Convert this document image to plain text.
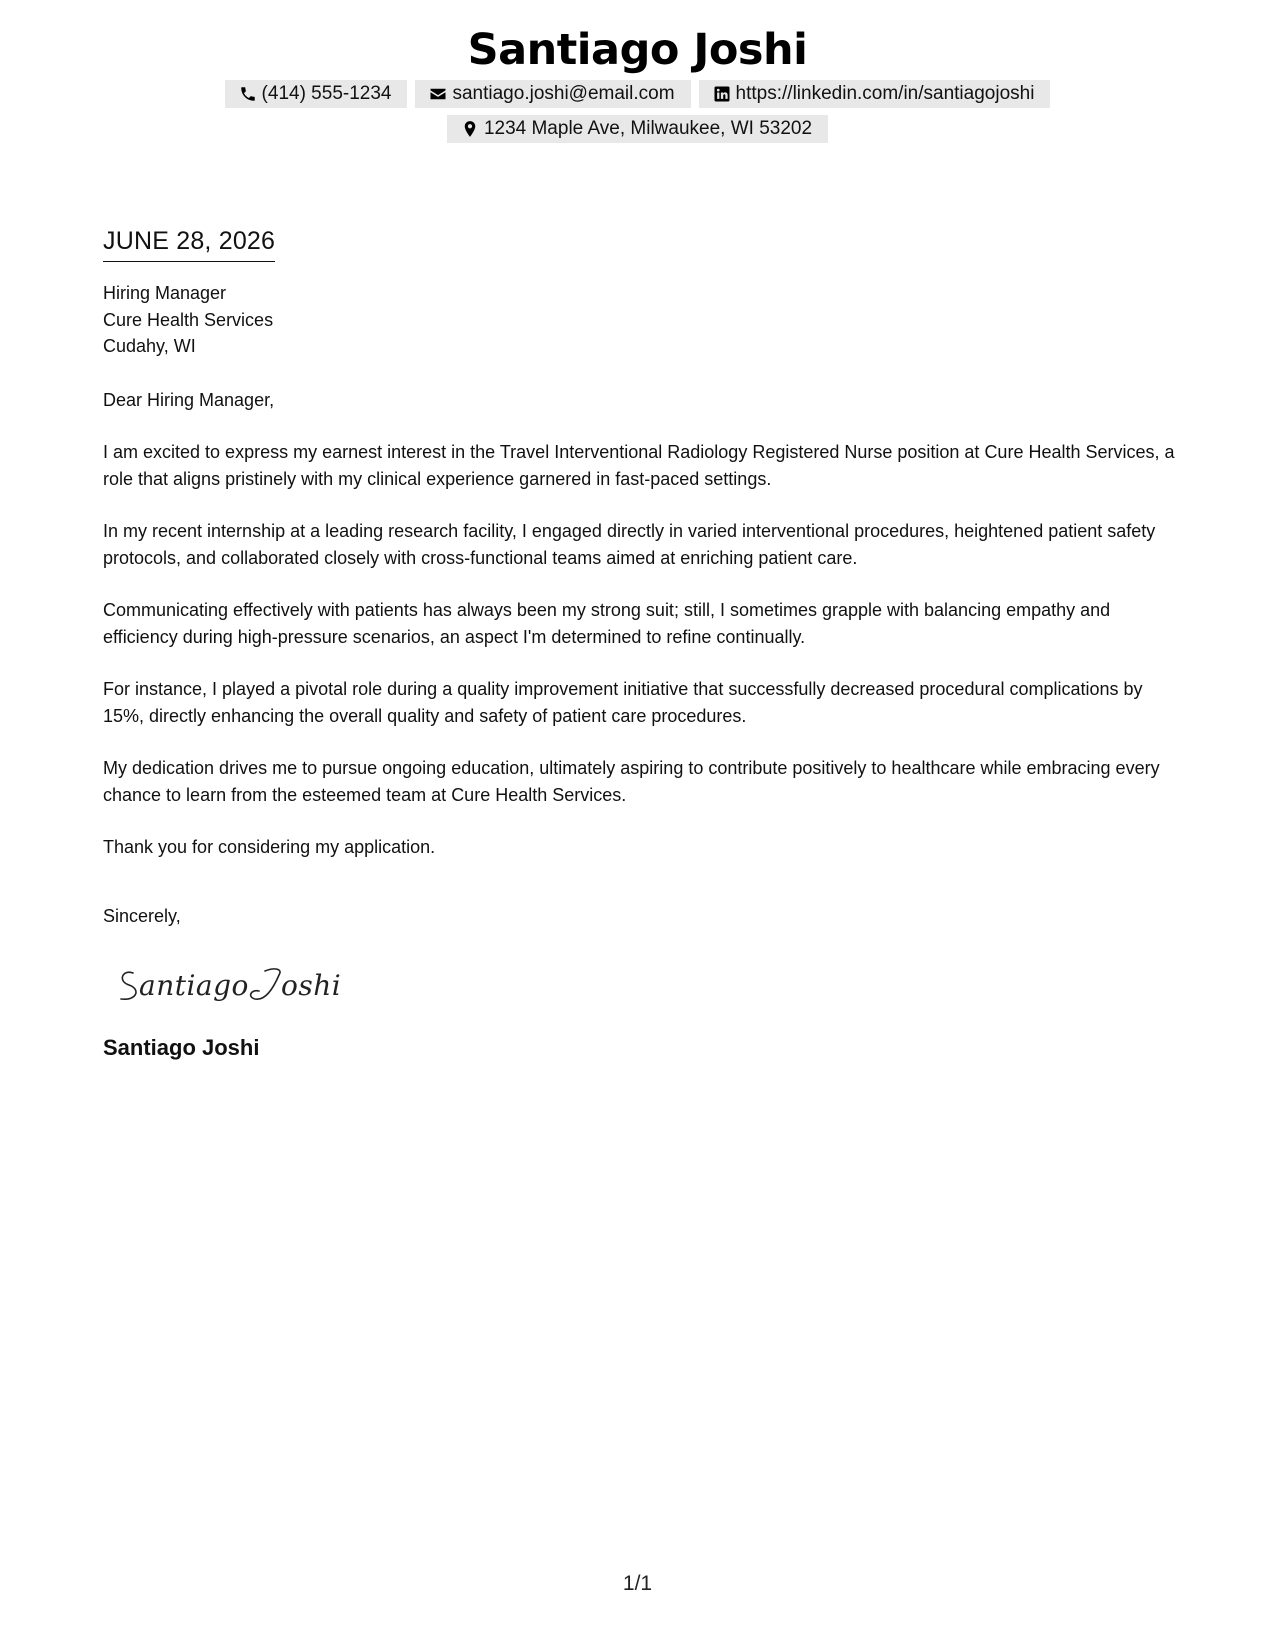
Santiago Joshi
(414) 555-1234	santiago.joshi@email.com	https://linkedin.com/in/santiagojoshi
1234 Maple Ave, Milwaukee, WI 53202
JUNE 28, 2026
Hiring Manager
Cure Health Services
Cudahy, WI
Dear Hiring Manager,
I am excited to express my earnest interest in the Travel Interventional Radiology Registered Nurse position at Cure Health Services, a role that aligns pristinely with my clinical experience garnered in fast-paced settings.
In my recent internship at a leading research facility, I engaged directly in varied interventional procedures, heightened patient safety protocols, and collaborated closely with cross-functional teams aimed at enriching patient care.
Communicating effectively with patients has always been my strong suit; still, I sometimes grapple with balancing empathy and efficiency during high-pressure scenarios, an aspect I'm determined to refine continually.
For instance, I played a pivotal role during a quality improvement initiative that successfully decreased procedural complications by 15%, directly enhancing the overall quality and safety of patient care procedures.
My dedication drives me to pursue ongoing education, ultimately aspiring to contribute positively to healthcare while embracing every chance to learn from the esteemed team at Cure Health Services.
Thank you for considering my application.
Sincerely,
antiago oshi
Santiago Joshi
1/1
